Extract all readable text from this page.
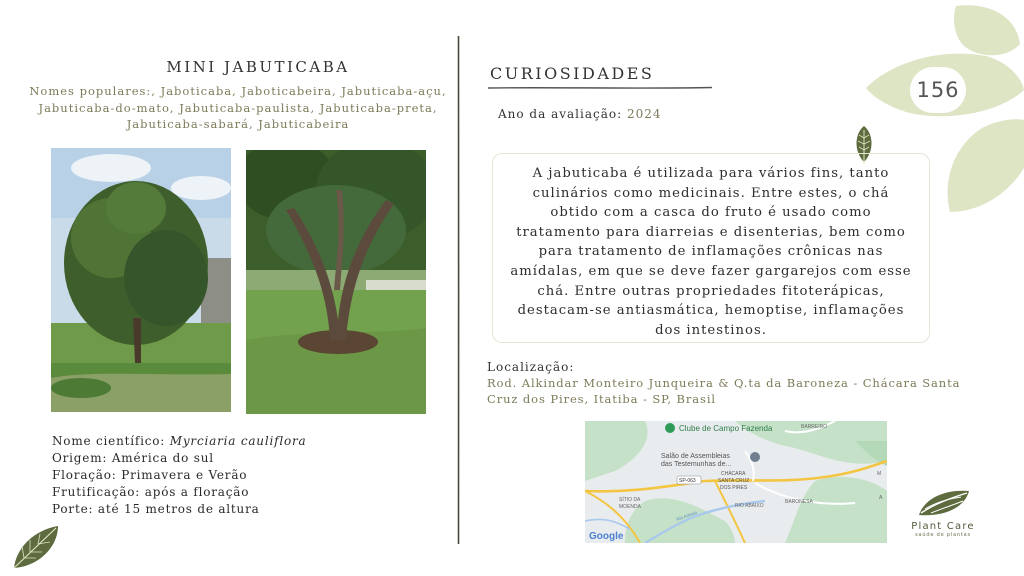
156
MINI JABUTICABA
Nomes populares:, Jaboticaba, Jaboticabeira, Jabuticaba-açu, Jabuticaba-do-mato, Jabuticaba-paulista, Jabuticaba-preta, Jabuticaba-sabará, Jabuticabeira
Nome científico: Myrciaria cauliflora
Origem: América do sul
Floração: Primavera e Verão
Frutificação: após a floração
Porte: até 15 metros de altura
CURIOSIDADES
Ano da avaliação: 2024
A jabuticaba é utilizada para vários fins, tanto culinários como medicinais. Entre estes, o chá obtido com a casca do fruto é usado como tratamento para diarreias e disenterias, bem como para tratamento de inflamações crônicas nas amídalas, em que se deve fazer gargarejos com esse chá. Entre outras propriedades fitoterápicas, destacam-se antiasmática, hemoptise, inflamações dos intestinos.
Localização:
Rod. Alkindar Monteiro Junqueira & Q.ta da Baroneza - Chácara Santa Cruz dos Pires, Itatiba - SP, Brasil
Clube de Campo Fazenda
Salão de Assembleias
das Testemunhas de...
BARREIRO
CHÁCARA
SANTA CRUZ
DOS PIRES
SÍTIO DA
MOENDA	RIO ABAIXO
BARONESA
SP-063
Rio Atibaia
M
A
Google
Plant Care
saúde de plantas
